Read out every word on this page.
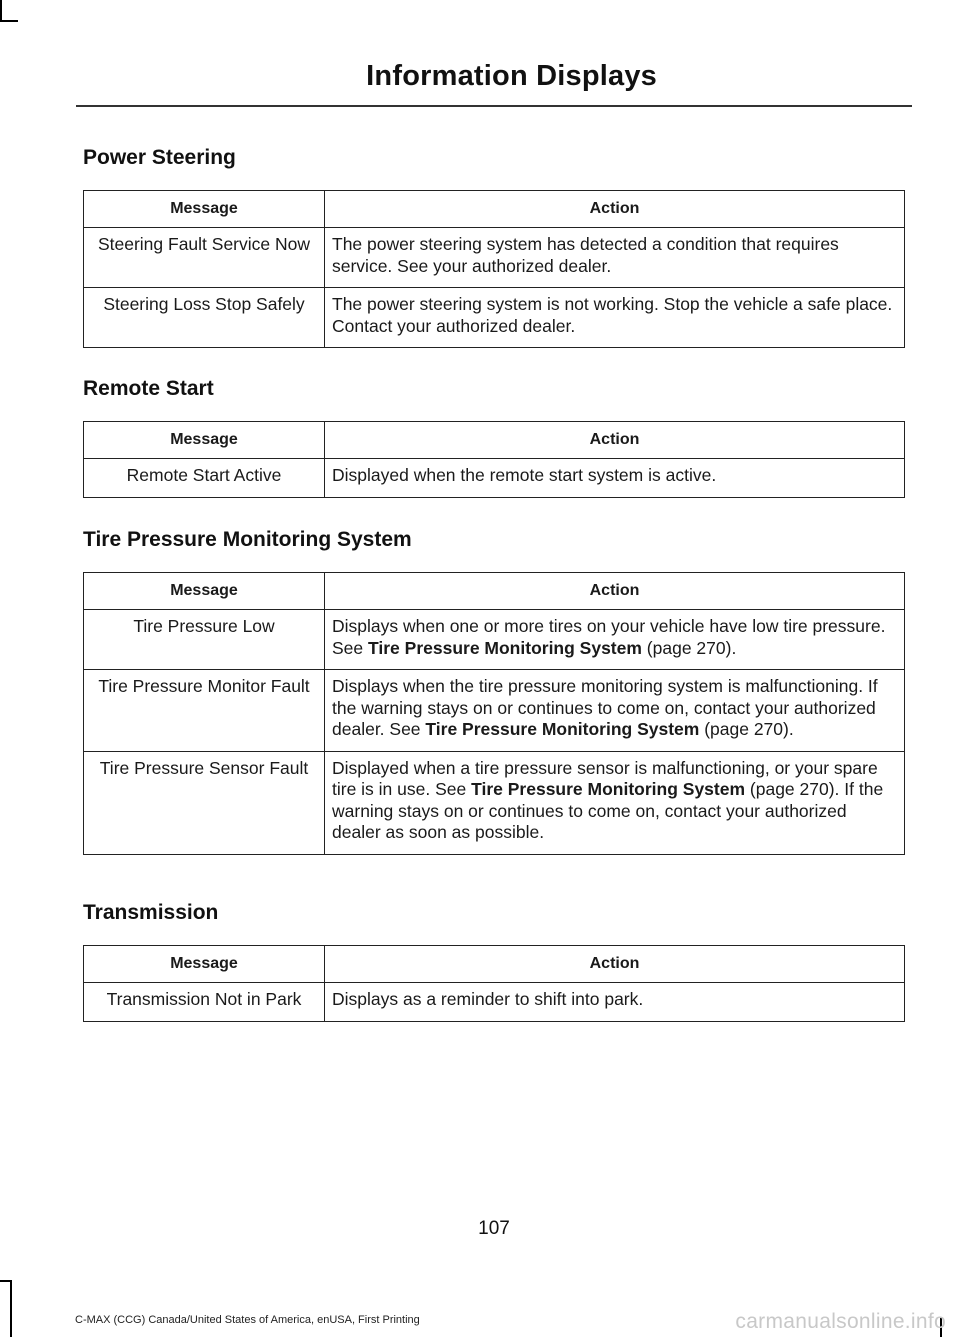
Information Displays
Power Steering
Message	Action
Steering Fault Service Now	The power steering system has detected a condition that requires service. See your authorized dealer.
Steering Loss Stop Safely	The power steering system is not working. Stop the vehicle a safe place. Contact your authorized dealer.
Remote Start
Message	Action
Remote Start Active	Displayed when the remote start system is active.
Tire Pressure Monitoring System
Message	Action
Tire Pressure Low	Displays when one or more tires on your vehicle have low tire pressure. See Tire Pressure Monitoring System (page 270).
Tire Pressure Monitor Fault	Displays when the tire pressure monitoring system is malfunctioning. If the warning stays on or continues to come on, contact your authorized dealer. See Tire Pressure Monitoring System (page 270).
Tire Pressure Sensor Fault	Displayed when a tire pressure sensor is malfunctioning, or your spare tire is in use. See Tire Pressure Monitoring System (page 270). If the warning stays on or continues to come on, contact your authorized dealer as soon as possible.
Transmission
Message	Action
Transmission Not in Park	Displays as a reminder to shift into park.
107
C-MAX (CCG) Canada/United States of America, enUSA, First Printing	carmanualsonline.info
